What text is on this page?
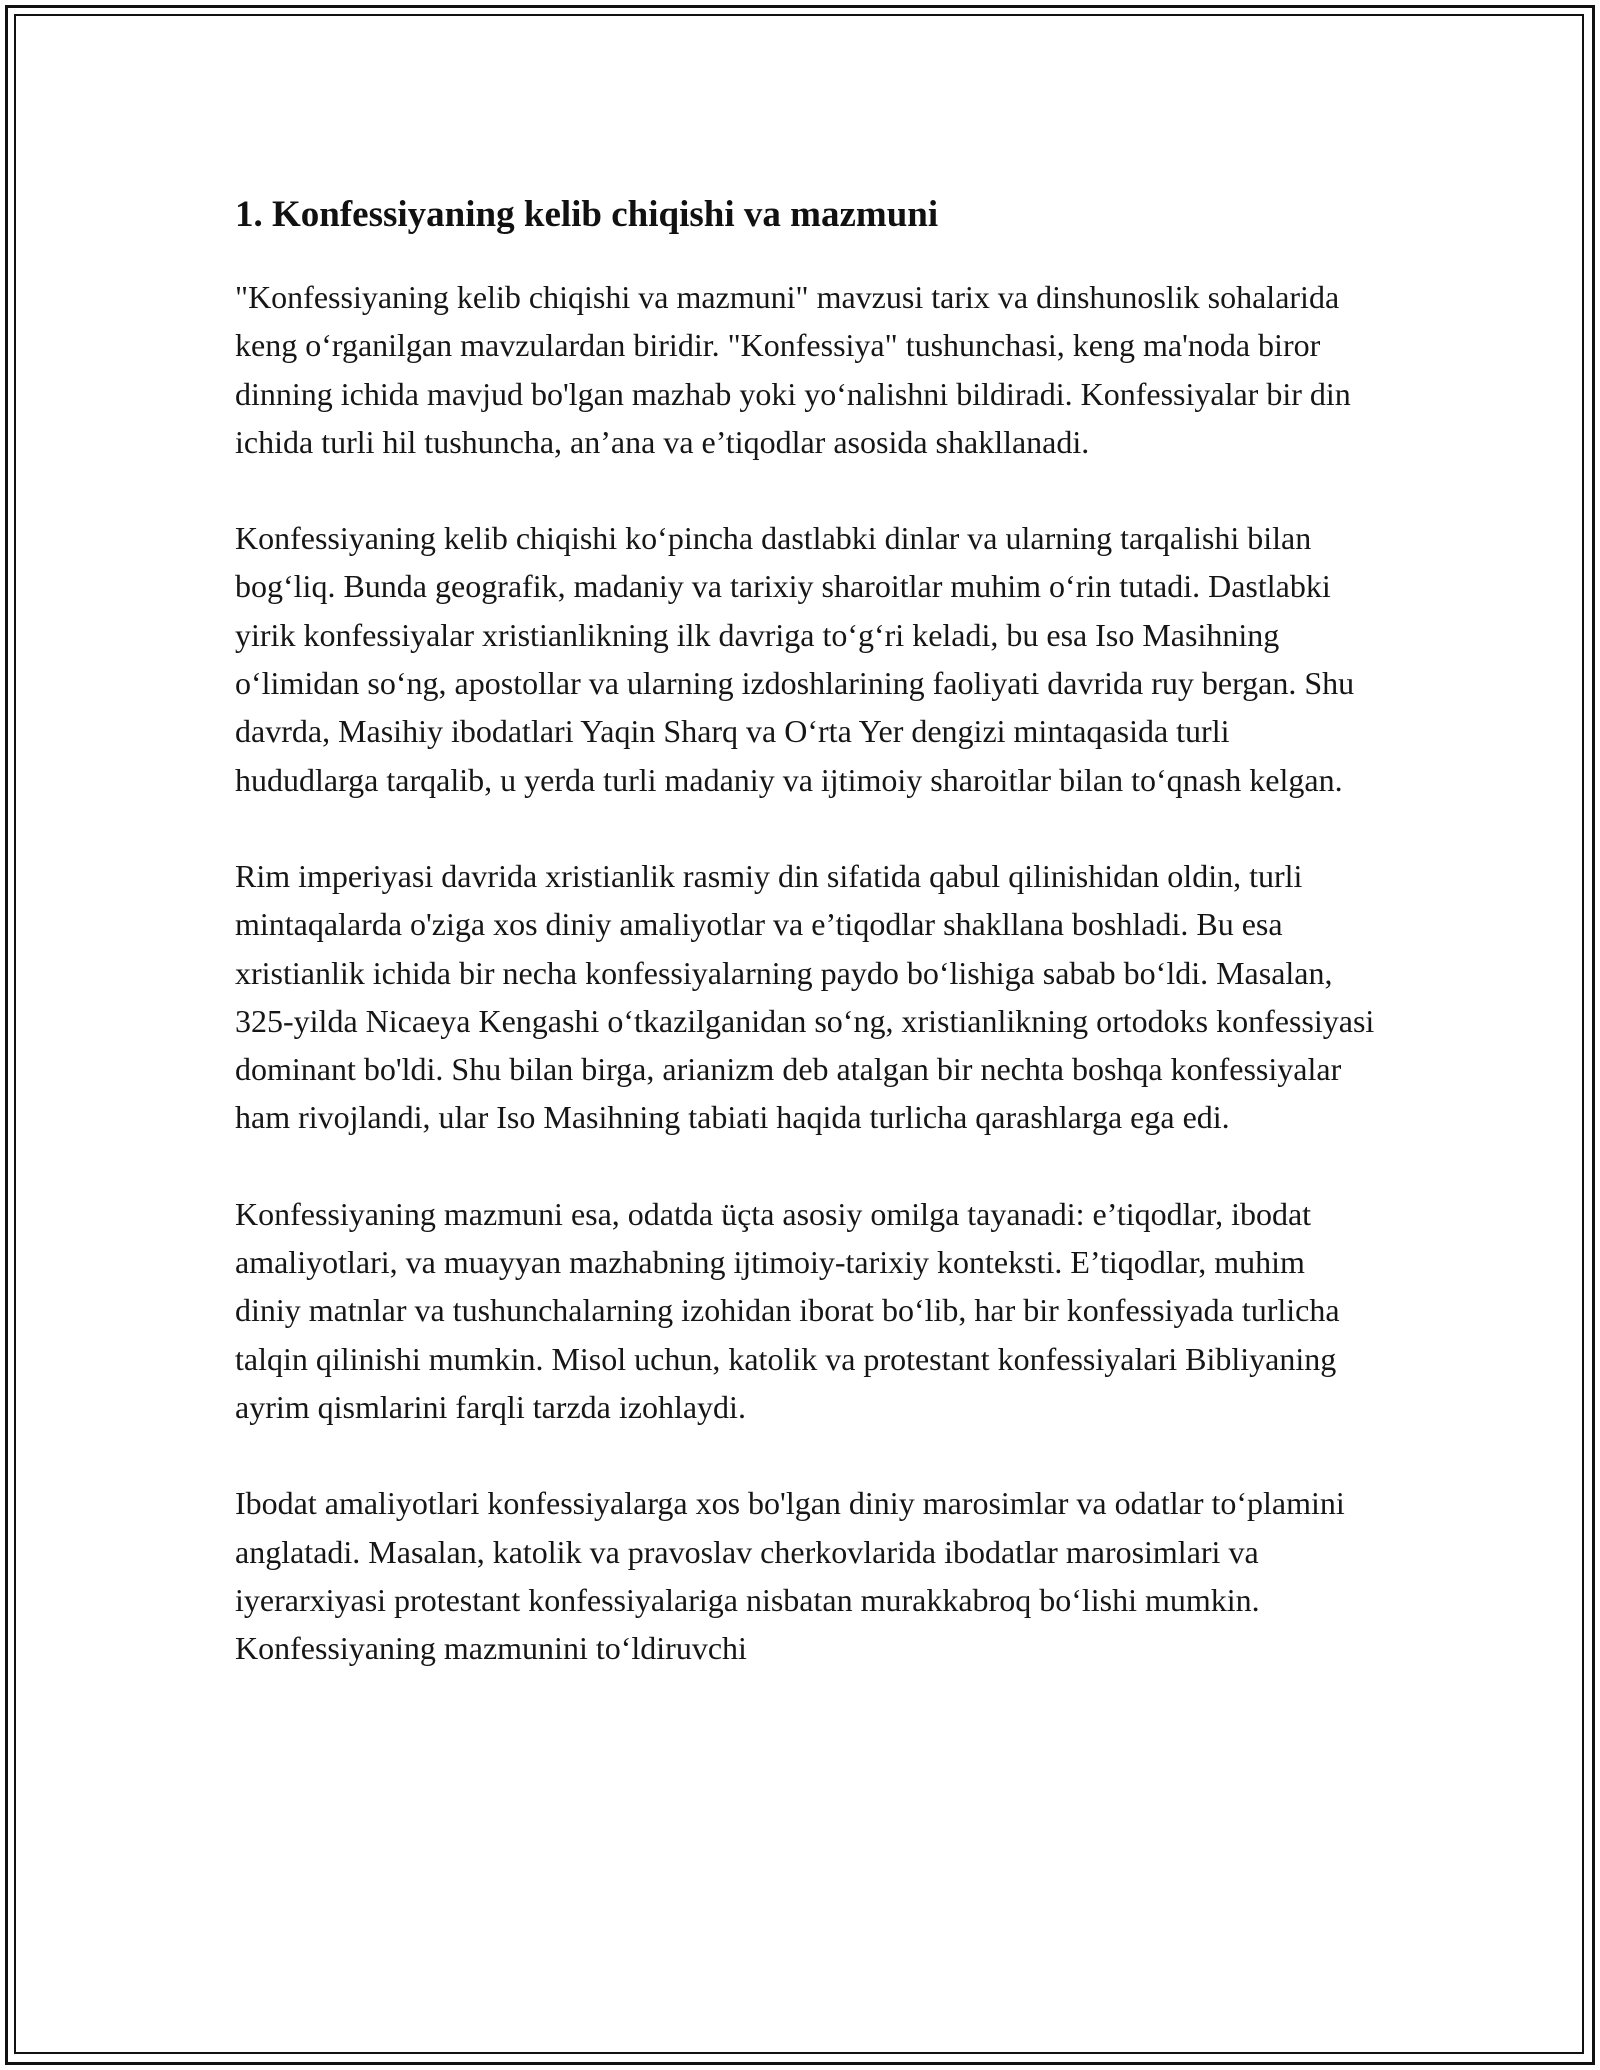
1. Konfessiyaning kelib chiqishi va mazmuni

"Konfessiyaning kelib chiqishi va mazmuni" mavzusi tarix va dinshunoslik sohalarida keng o‘rganilgan mavzulardan biridir. "Konfessiya" tushunchasi, keng ma'noda biror dinning ichida mavjud bo'lgan mazhab yoki yo‘nalishni bildiradi. Konfessiyalar bir din ichida turli hil tushuncha, an’ana va e’tiqodlar asosida shakllanadi.

Konfessiyaning kelib chiqishi ko‘pincha dastlabki dinlar va ularning tarqalishi bilan bog‘liq. Bunda geografik, madaniy va tarixiy sharoitlar muhim o‘rin tutadi. Dastlabki yirik konfessiyalar xristianlikning ilk davriga to‘g‘ri keladi, bu esa Iso Masihning o‘limidan so‘ng, apostollar va ularning izdoshlarining faoliyati davrida ruy bergan. Shu davrda, Masihiy ibodatlari Yaqin Sharq va O‘rta Yer dengizi mintaqasida turli hududlarga tarqalib, u yerda turli madaniy va ijtimoiy sharoitlar bilan to‘qnash kelgan.

Rim imperiyasi davrida xristianlik rasmiy din sifatida qabul qilinishidan oldin, turli mintaqalarda o'ziga xos diniy amaliyotlar va e’tiqodlar shakllana boshladi. Bu esa xristianlik ichida bir necha konfessiyalarning paydo bo‘lishiga sabab bo‘ldi. Masalan, 325-yilda Nicaeya Kengashi o‘tkazilganidan so‘ng, xristianlikning ortodoks konfessiyasi dominant bo'ldi. Shu bilan birga, arianizm deb atalgan bir nechta boshqa konfessiyalar ham rivojlandi, ular Iso Masihning tabiati haqida turlicha qarashlarga ega edi.

Konfessiyaning mazmuni esa, odatda üçta asosiy omilga tayanadi: e’tiqodlar, ibodat amaliyotlari, va muayyan mazhabning ijtimoiy-tarixiy konteksti. E’tiqodlar, muhim diniy matnlar va tushunchalarning izohidan iborat bo‘lib, har bir konfessiyada turlicha talqin qilinishi mumkin. Misol uchun, katolik va protestant konfessiyalari Bibliyaning ayrim qismlarini farqli tarzda izohlaydi.

Ibodat amaliyotlari konfessiyalarga xos bo'lgan diniy marosimlar va odatlar to‘plamini anglatadi. Masalan, katolik va pravoslav cherkovlarida ibodatlar marosimlari va iyerarxiyasi protestant konfessiyalariga nisbatan murakkabroq bo‘lishi mumkin. Konfessiyaning mazmunini to‘ldiruvchi
